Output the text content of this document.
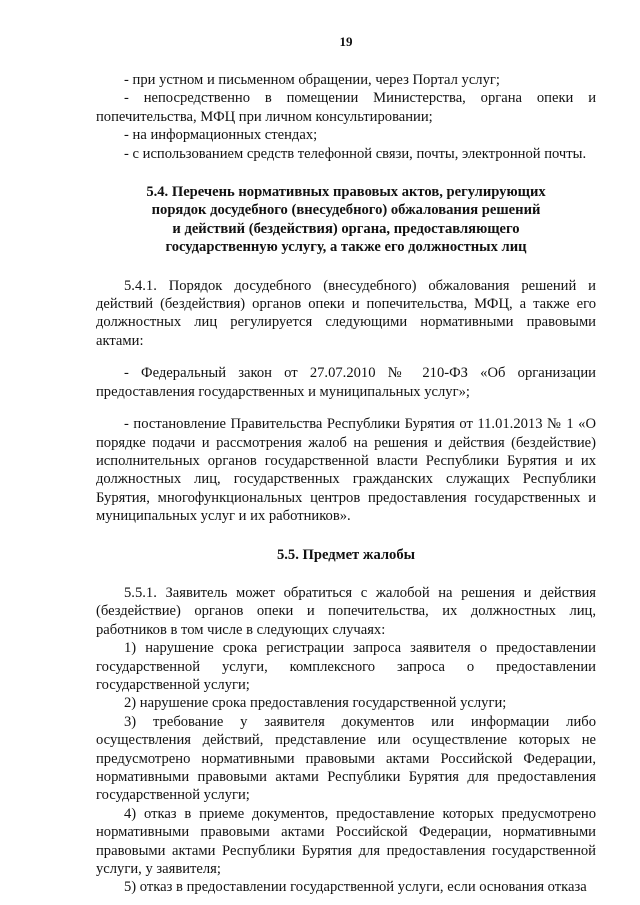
19

- при устном и письменном обращении, через Портал услуг;

- непосредственно в помещении Министерства, органа опеки и попечительства, МФЦ при личном консультировании;

- на информационных стендах;

- с использованием средств телефонной связи, почты, электронной почты.

5.4. Перечень нормативных правовых актов, регулирующих
порядок досудебного (внесудебного) обжалования решений
и действий (бездействия) органа, предоставляющего
государственную услугу, а также его должностных лиц

5.4.1. Порядок досудебного (внесудебного) обжалования решений и действий (бездействия) органов опеки и попечительства, МФЦ, а также его должностных лиц регулируется следующими нормативными правовыми актами:

- Федеральный закон от 27.07.2010 № 210-ФЗ «Об организации предоставления государственных и муниципальных услуг»;

- постановление Правительства Республики Бурятия от 11.01.2013 № 1 «О порядке подачи и рассмотрения жалоб на решения и действия (бездействие) исполнительных органов государственной власти Республики Бурятия и их должностных лиц, государственных гражданских служащих Республики Бурятия, многофункциональных центров предоставления государственных и муниципальных услуг и их работников».

5.5. Предмет жалобы

5.5.1. Заявитель может обратиться с жалобой на решения и действия (бездействие) органов опеки и попечительства, их должностных лиц, работников в том числе в следующих случаях:

1) нарушение срока регистрации запроса заявителя о предоставлении государственной услуги, комплексного запроса о предоставлении государственной услуги;

2) нарушение срока предоставления государственной услуги;

3) требование у заявителя документов или информации либо осуществления действий, представление или осуществление которых не предусмотрено нормативными правовыми актами Российской Федерации, нормативными правовыми актами Республики Бурятия для предоставления государственной услуги;

4) отказ в приеме документов, предоставление которых предусмотрено нормативными правовыми актами Российской Федерации, нормативными правовыми актами Республики Бурятия для предоставления государственной услуги, у заявителя;

5) отказ в предоставлении государственной услуги, если основания отказа
